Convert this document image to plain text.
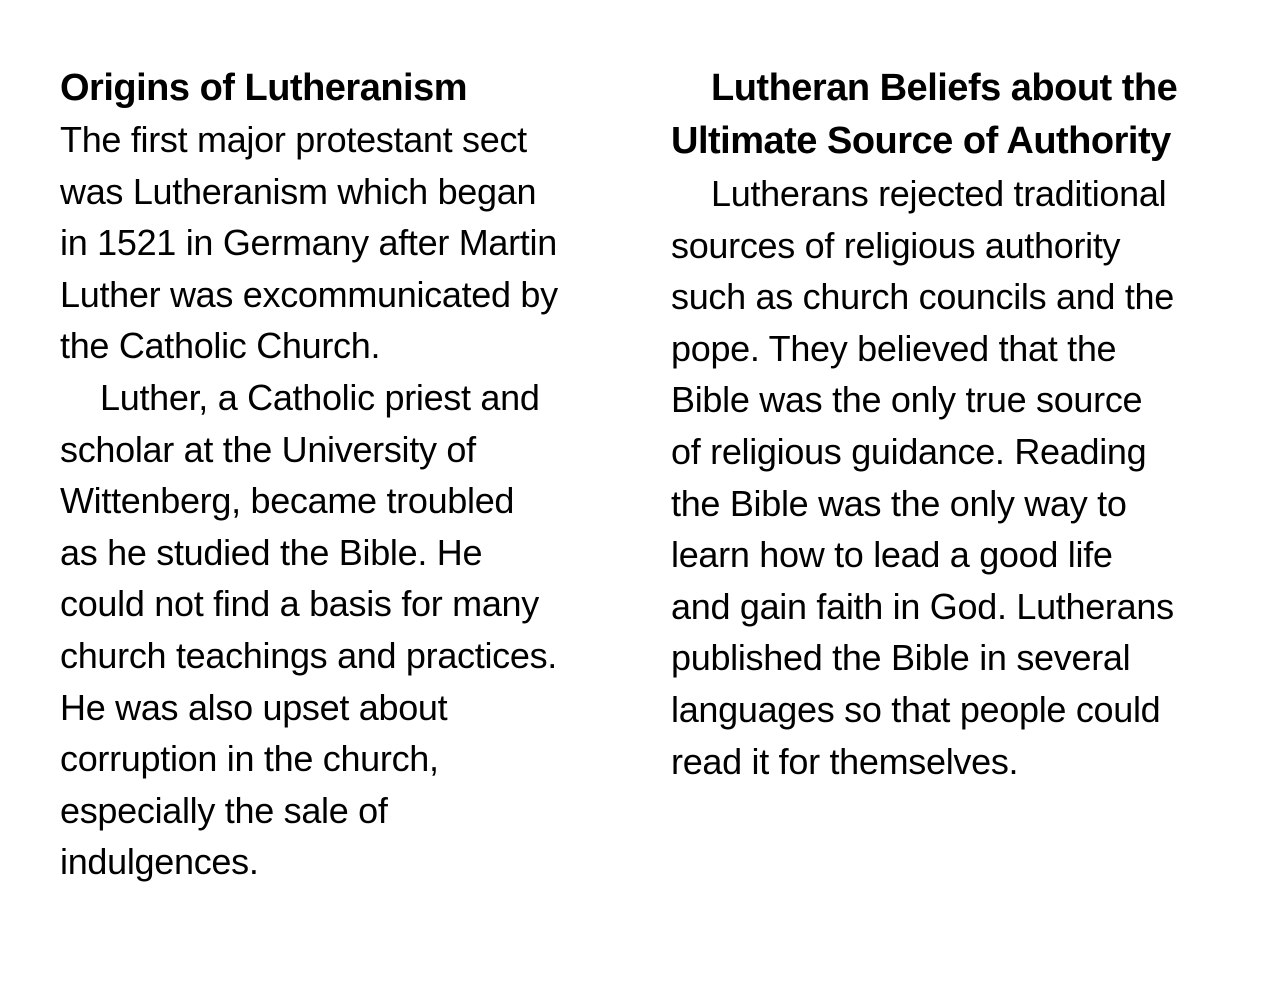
Origins of Lutheranism
The first major protestant sect
was Lutheranism which began
in 1521 in Germany after Martin
Luther was excommunicated by
the Catholic Church.
Luther, a Catholic priest and
scholar at the University of
Wittenberg, became troubled
as he studied the Bible. He
could not find a basis for many
church teachings and practices.
He was also upset about
corruption in the church,
especially the sale of
indulgences.
Lutheran Beliefs about the
Ultimate Source of Authority
Lutherans rejected traditional
sources of religious authority
such as church councils and the
pope. They believed that the
Bible was the only true source
of religious guidance. Reading
the Bible was the only way to
learn how to lead a good life
and gain faith in God. Lutherans
published the Bible in several
languages so that people could
read it for themselves.
